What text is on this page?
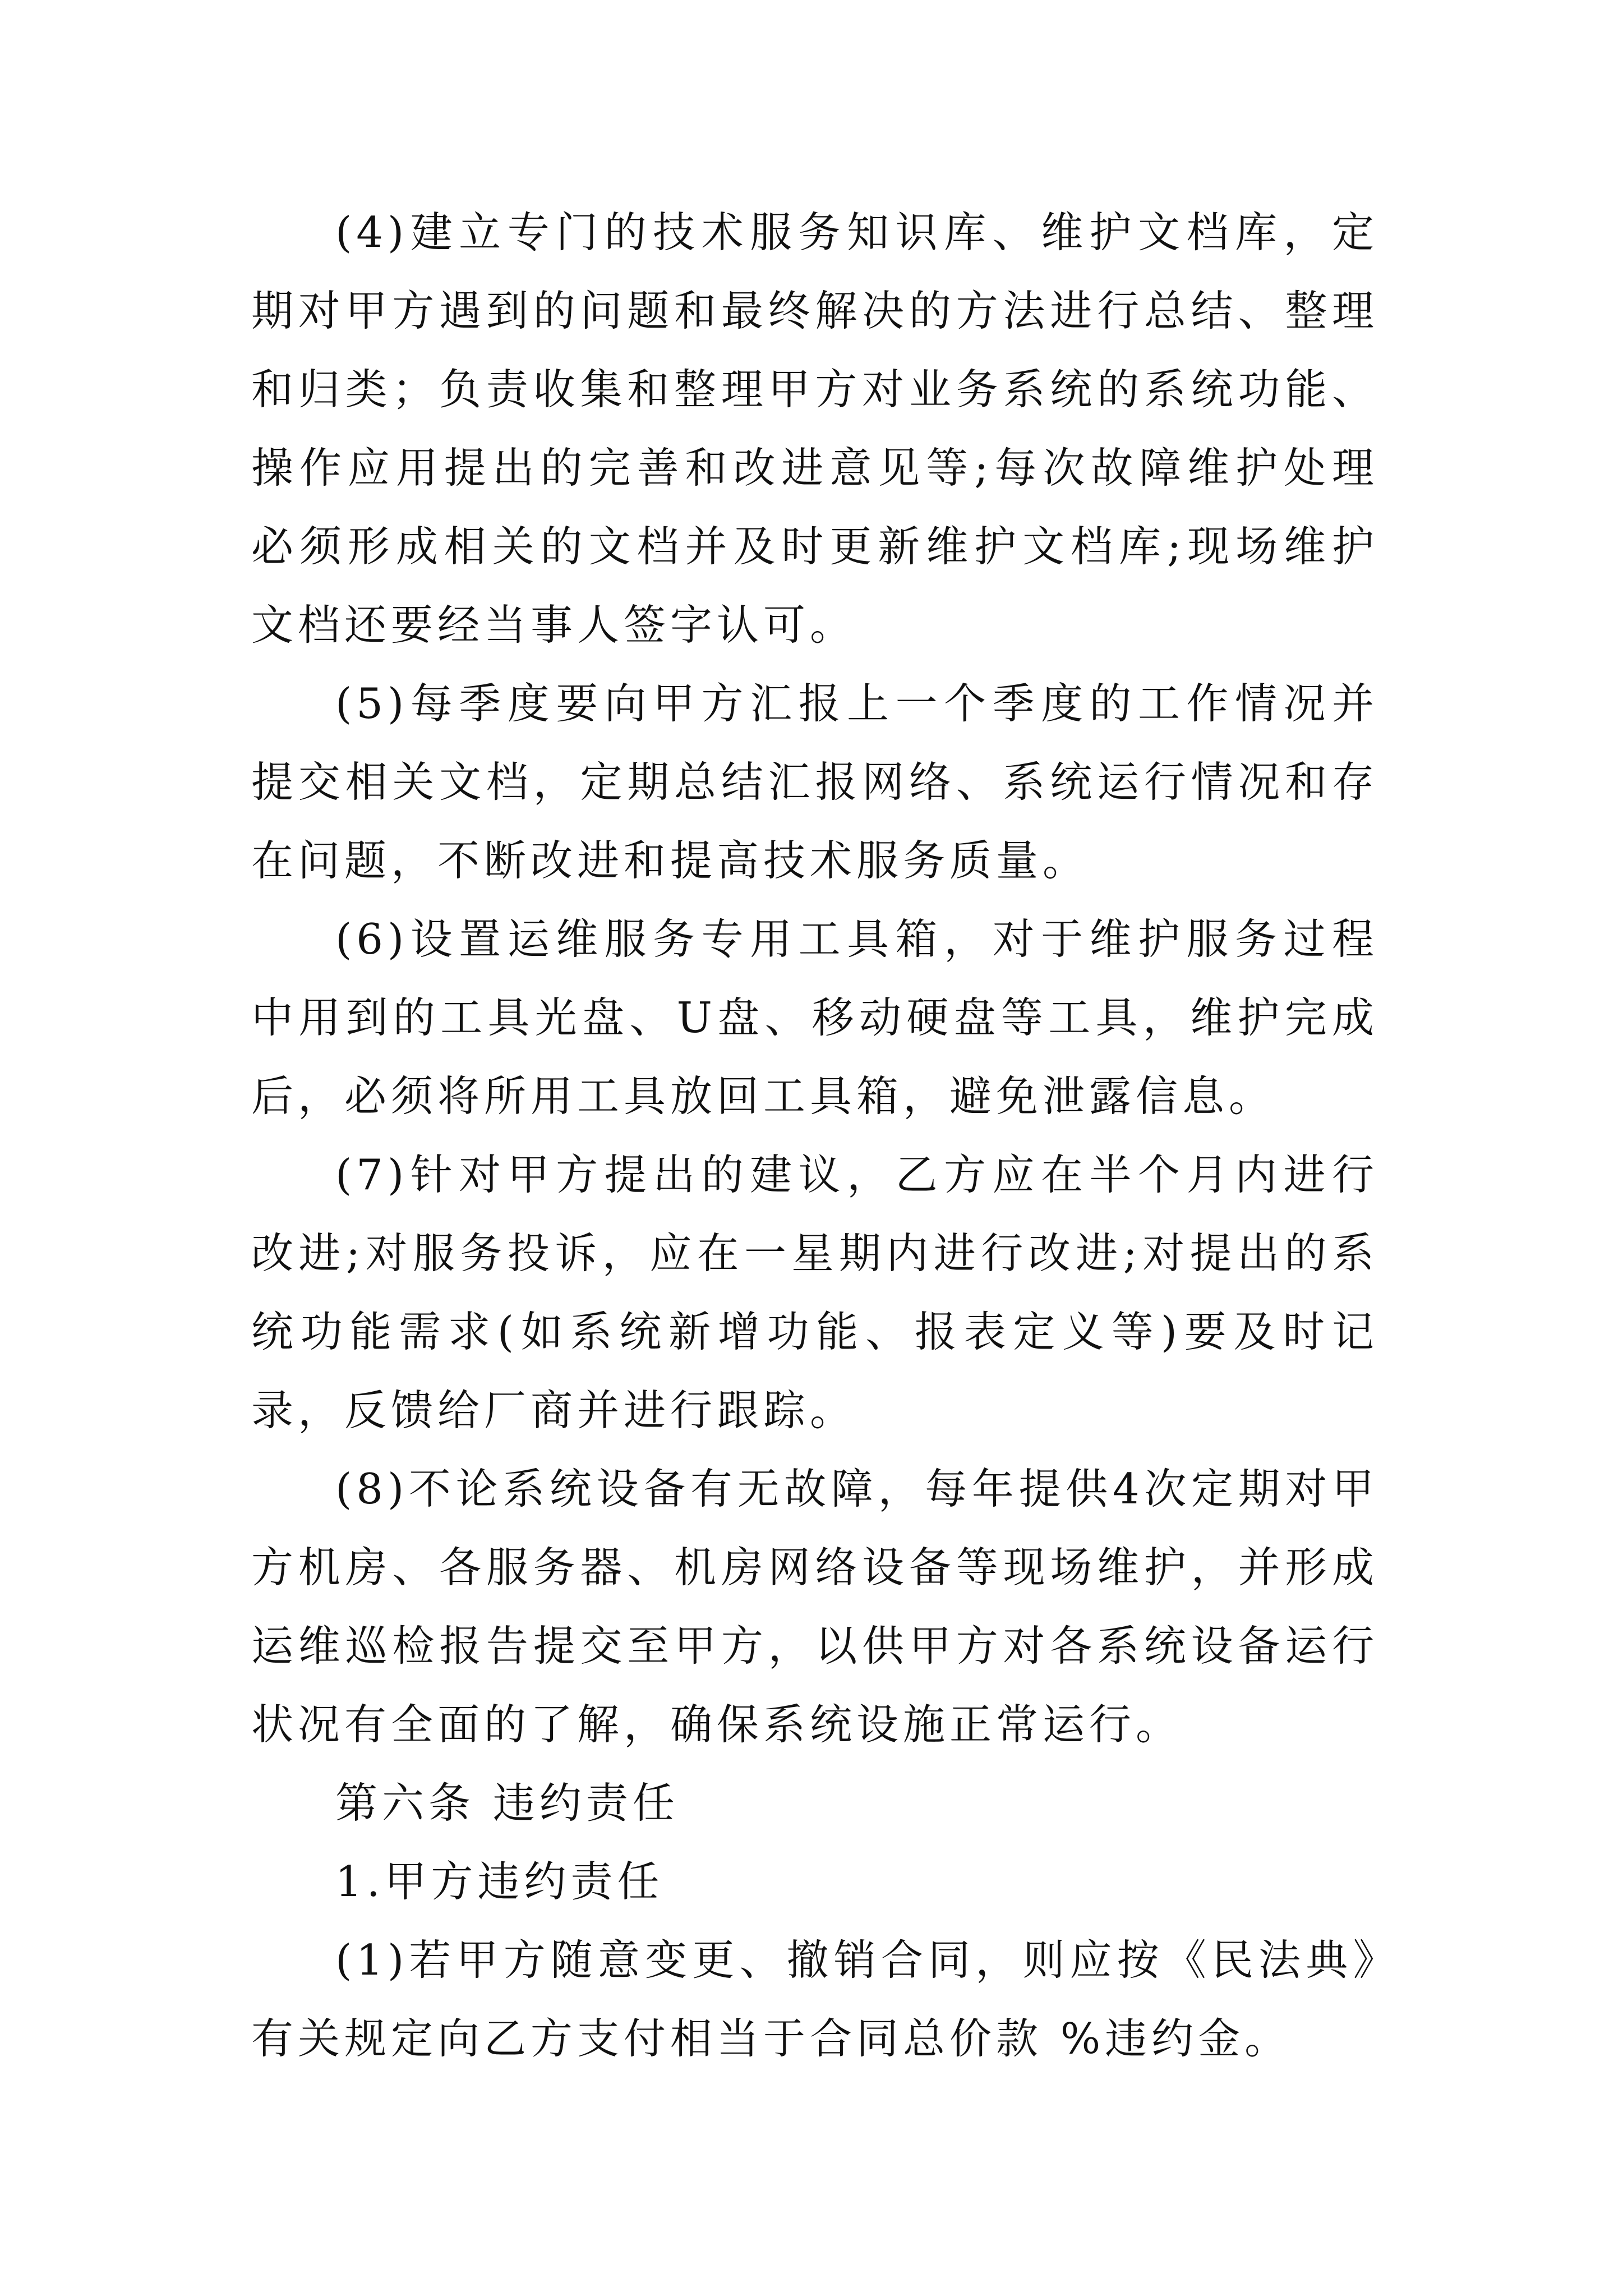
(4)建立专门的技术服务知识库、维护文档库，定期对甲方遇到的问题和最终解决的方法进行总结、整理和归类；负责收集和整理甲方对业务系统的系统功能、操作应用提出的完善和改进意见等;每次故障维护处理必须形成相关的文档并及时更新维护文档库;现场维护文档还要经当事人签字认可。

(5)每季度要向甲方汇报上一个季度的工作情况并提交相关文档，定期总结汇报网络、系统运行情况和存在问题，不断改进和提高技术服务质量。

(6)设置运维服务专用工具箱，对于维护服务过程中用到的工具光盘、U盘、移动硬盘等工具，维护完成后，必须将所用工具放回工具箱，避免泄露信息。

(7)针对甲方提出的建议，乙方应在半个月内进行改进;对服务投诉，应在一星期内进行改进;对提出的系统功能需求(如系统新增功能、报表定义等)要及时记录，反馈给厂商并进行跟踪。

(8)不论系统设备有无故障，每年提供4次定期对甲方机房、各服务器、机房网络设备等现场维护，并形成运维巡检报告提交至甲方，以供甲方对各系统设备运行状况有全面的了解，确保系统设施正常运行。

第六条 违约责任

1.甲方违约责任

(1)若甲方随意变更、撤销合同，则应按《民法典》有关规定向乙方支付相当于合同总价款 %违约金。
